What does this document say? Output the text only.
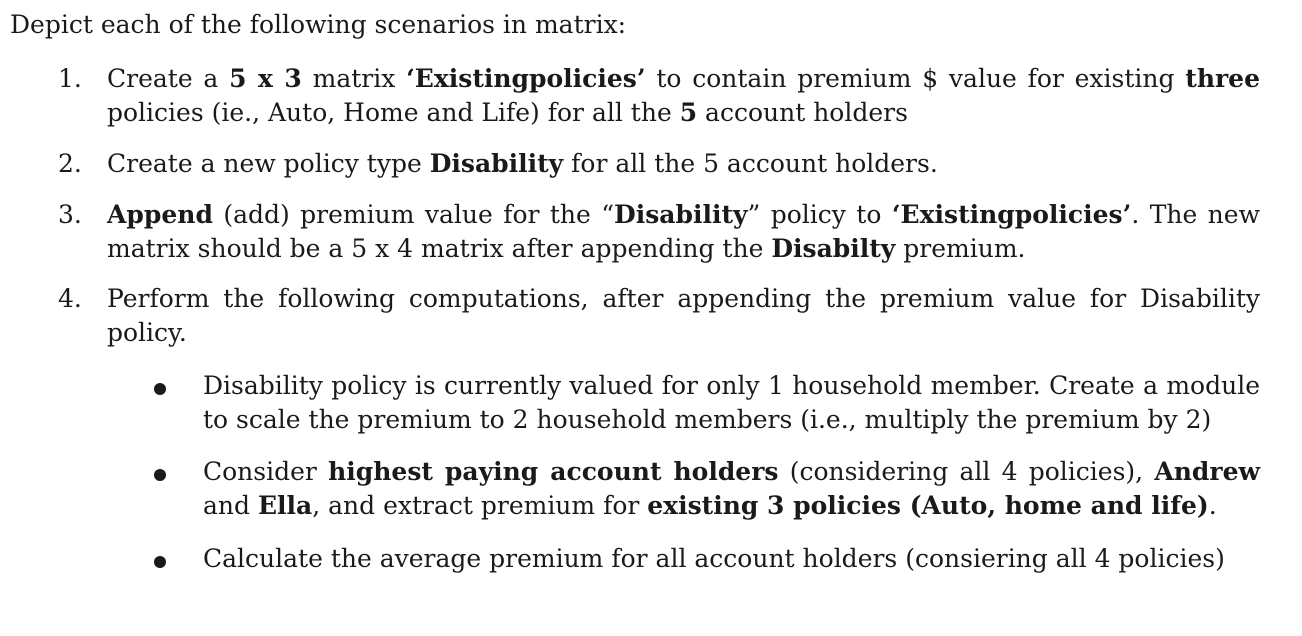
Depict each of the following scenarios in matrix:
1. Create a 5 x 3 matrix ‘Existingpolicies’ to contain premium $ value for existing three policies (ie., Auto, Home and Life) for all the 5 account holders
2. Create a new policy type Disability for all the 5 account holders.
3. Append (add) premium value for the “Disability” policy to ‘Existingpolicies’. The new matrix should be a 5 x 4 matrix after appending the Disabilty premium.
4. Perform the following computations, after appending the premium value for Disability policy.
Disability policy is currently valued for only 1 household member. Create a module to scale the premium to 2 household members (i.e., multiply the premium by 2)
Consider highest paying account holders (considering all 4 policies), Andrew and Ella, and extract premium for existing 3 policies (Auto, home and life).
Calculate the average premium for all account holders (consiering all 4 policies)
